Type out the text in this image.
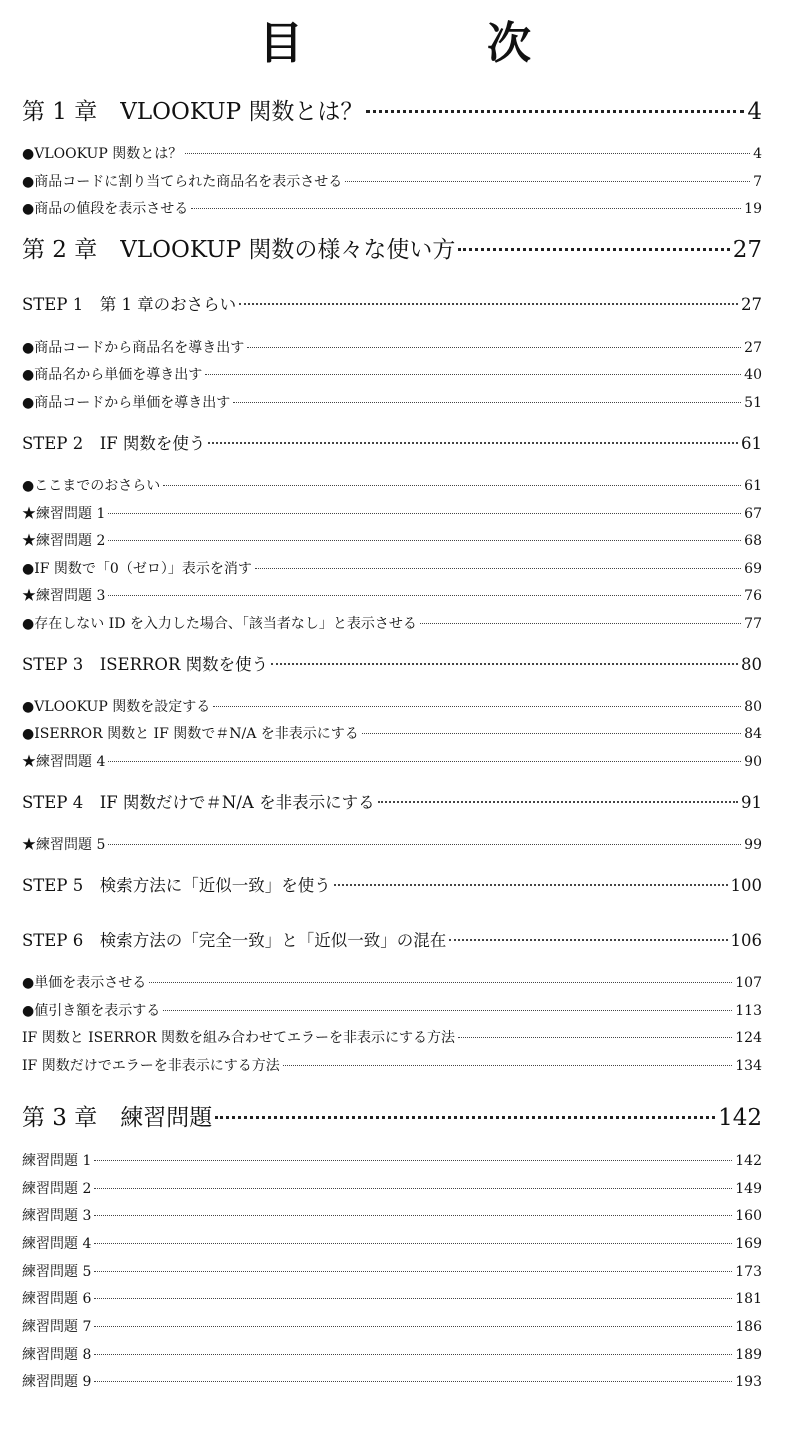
目　次
第 1 章　VLOOKUP 関数とは？	4
●VLOOKUP 関数とは？	4
●商品コードに割り当てられた商品名を表示させる	7
●商品の値段を表示させる	19
第 2 章　VLOOKUP 関数の様々な使い方	27
STEP 1　第 1 章のおさらい	27
●商品コードから商品名を導き出す	27
●商品名から単価を導き出す	40
●商品コードから単価を導き出す	51
STEP 2　IF 関数を使う	61
●ここまでのおさらい	61
★練習問題 1	67
★練習問題 2	68
●IF 関数で「0（ゼロ）」表示を消す	69
★練習問題 3	76
●存在しない ID を入力した場合、「該当者なし」と表示させる	77
STEP 3　ISERROR 関数を使う	80
●VLOOKUP 関数を設定する	80
●ISERROR 関数と IF 関数で＃N/A を非表示にする	84
★練習問題 4	90
STEP 4　IF 関数だけで＃N/A を非表示にする	91
★練習問題 5	99
STEP 5　検索方法に「近似一致」を使う	100
STEP 6　検索方法の「完全一致」と「近似一致」の混在	106
●単価を表示させる	107
●値引き額を表示する	113
IF 関数と ISERROR 関数を組み合わせてエラーを非表示にする方法	124
IF 関数だけでエラーを非表示にする方法	134
第 3 章　練習問題	142
練習問題 1	142
練習問題 2	149
練習問題 3	160
練習問題 4	169
練習問題 5	173
練習問題 6	181
練習問題 7	186
練習問題 8	189
練習問題 9	193
